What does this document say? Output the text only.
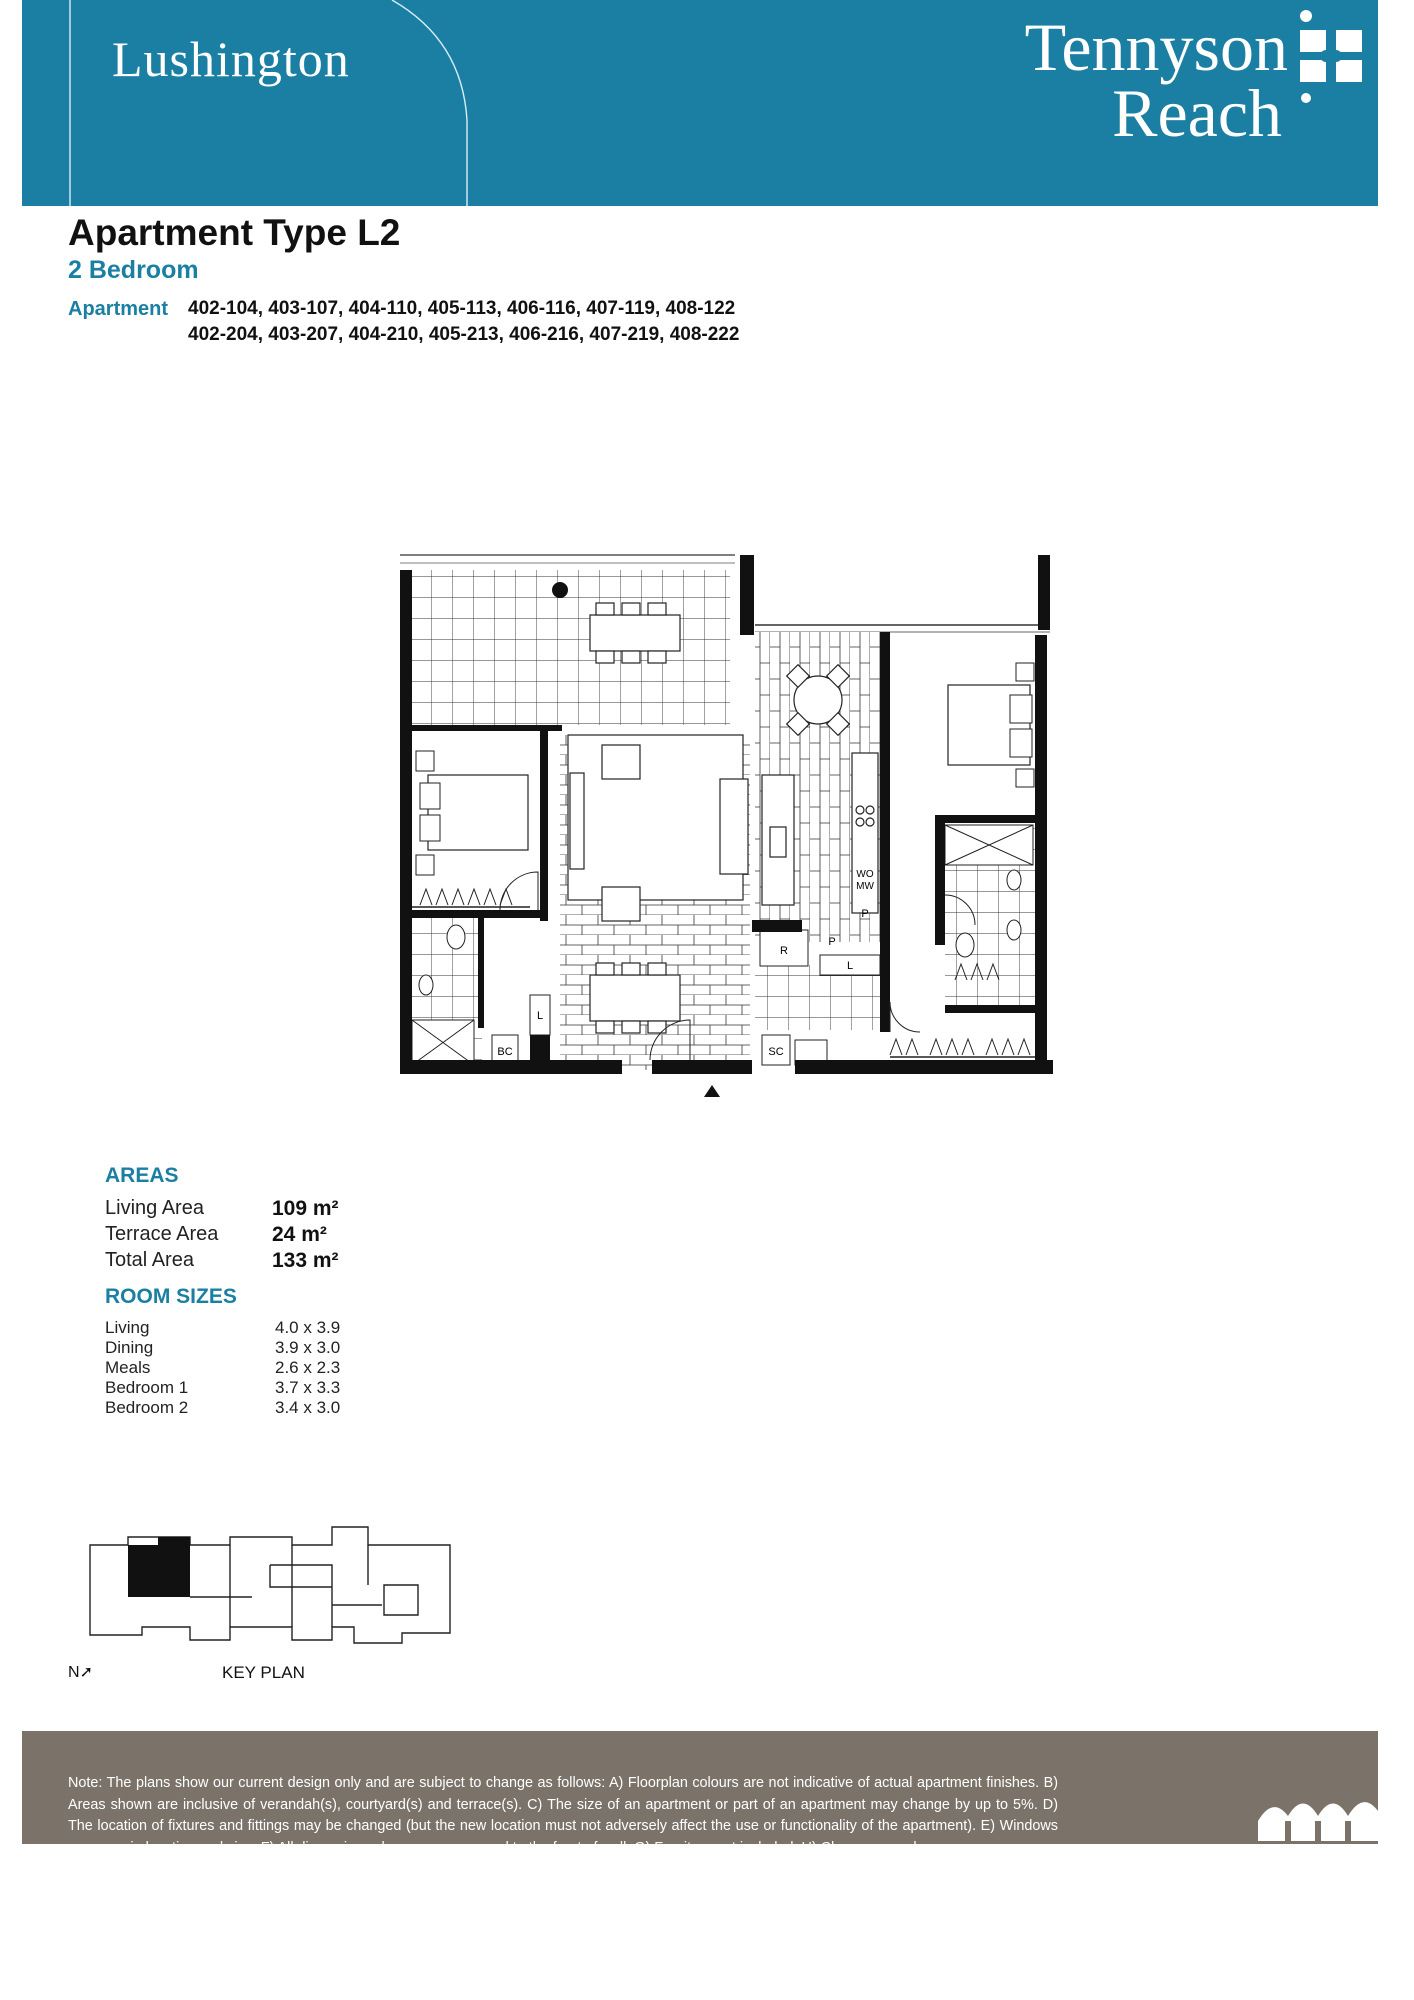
Lushington	Tennyson
Reach
Apartment Type L2
2 Bedroom
Apartment 402-104, 403-107, 404-110, 405-113, 406-116, 407-119, 408-122
402-204, 403-207, 404-210, 405-213, 406-216, 407-219, 408-222
WO
MW
P
R
P
L
BC
L
SC
AREAS
Living Area	109 m²
Terrace Area	24 m²
Total Area	133 m²
ROOM SIZES
Living	4.0 x 3.9
Dining	3.9 x 3.0
Meals	2.6 x 2.3
Bedroom 1	3.7 x 3.3
Bedroom 2	3.4 x 3.0
N➚	KEY PLAN
Note: The plans show our current design only and are subject to change as follows: A) Floorplan colours are not indicative of actual apartment finishes. B) Areas shown are inclusive of verandah(s), courtyard(s) and terrace(s). C) The size of an apartment or part of an apartment may change by up to 5%. D) The location of fixtures and fittings may be changed (but the new location must not adversely affect the use or functionality of the apartment). E) Windows may vary in location and size. F) All dimensions shown are measured to the front of wall. G) Furniture not included. H) Changes may be
